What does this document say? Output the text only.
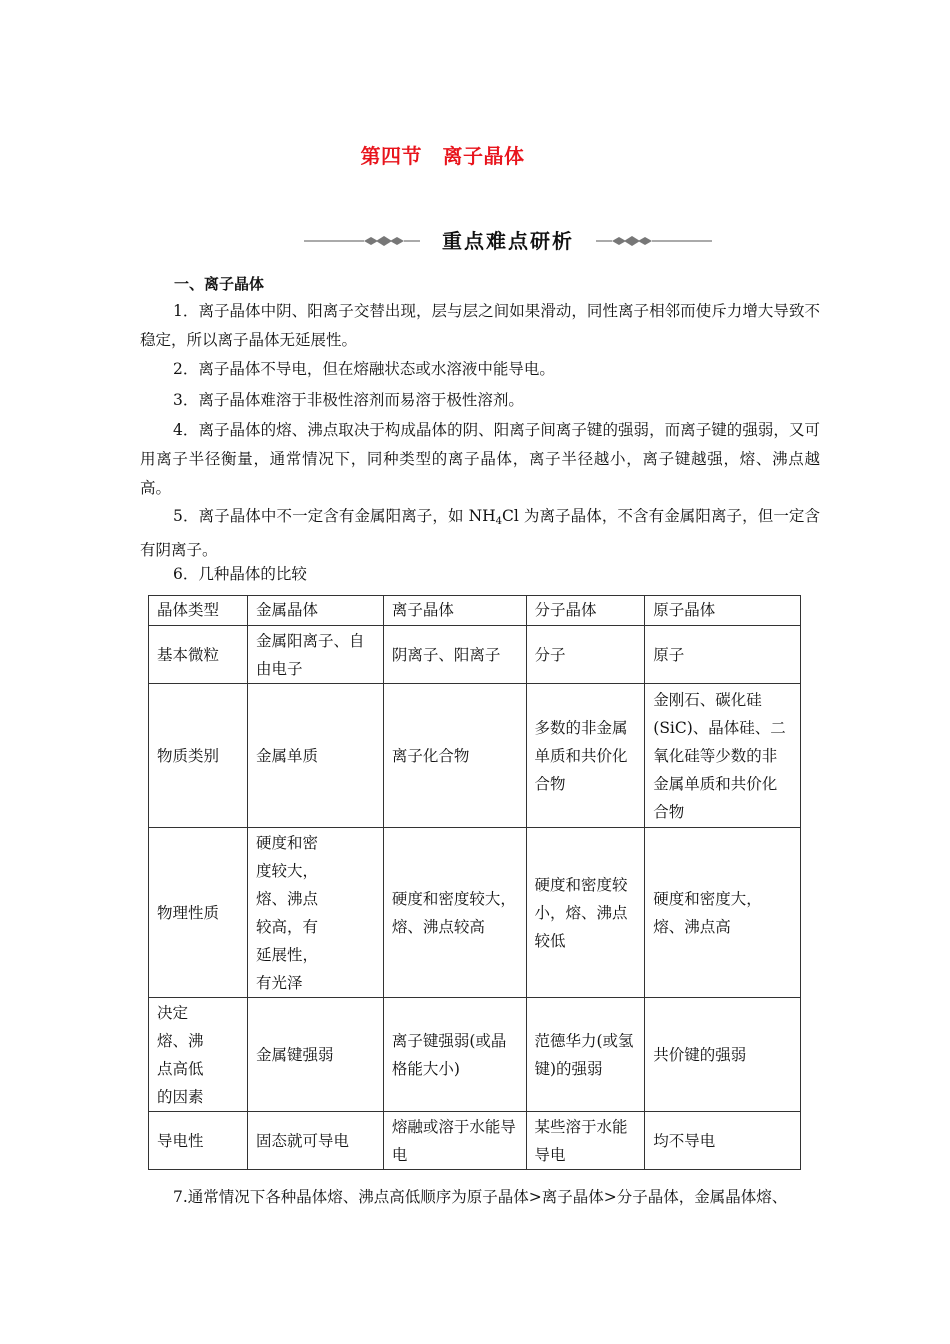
第四节　离子晶体
重点难点研析
一、离子晶体
1．离子晶体中阴、阳离子交替出现，层与层之间如果滑动，同性离子相邻而使斥力增大导致不稳定，所以离子晶体无延展性。
2．离子晶体不导电，但在熔融状态或水溶液中能导电。
3．离子晶体难溶于非极性溶剂而易溶于极性溶剂。
4．离子晶体的熔、沸点取决于构成晶体的阴、阳离子间离子键的强弱，而离子键的强弱，又可用离子半径衡量，通常情况下，同种类型的离子晶体，离子半径越小，离子键越强，熔、沸点越高。
5．离子晶体中不一定含有金属阳离子，如 $NH_4Cl$ 为离子晶体，不含有金属阳离子，但一定含有阴离子。
6．几种晶体的比较
晶体类型	金属晶体	离子晶体	分子晶体	原子晶体
基本微粒	金属阳离子、自由电子	阴离子、阳离子	分子	原子
物质类别	金属单质	离子化合物	多数的非金属单质和共价化合物	金刚石、碳化硅(SiC)、晶体硅、二氧化硅等少数的非金属单质和共价化合物
物理性质	硬度和密度较大，熔、沸点较高，有延展性，有光泽	硬度和密度较大，熔、沸点较高	硬度和密度较小，熔、沸点较低	硬度和密度大，熔、沸点高
决定熔、沸点高低的因素	金属键强弱	离子键强弱(或晶格能大小)	范德华力(或氢键)的强弱	共价键的强弱
导电性	固态就可导电	熔融或溶于水能导电	某些溶于水能导电	均不导电
7.通常情况下各种晶体熔、沸点高低顺序为原子晶体>离子晶体>分子晶体，金属晶体熔、
